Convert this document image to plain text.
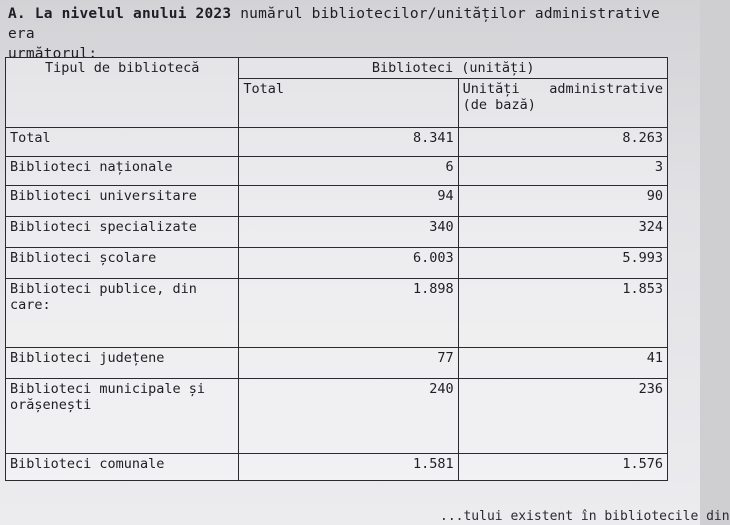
A. La nivelul anului 2023 numărul bibliotecilor/unităților administrative era
următorul:
Tipul de bibliotecă	Biblioteci (unități)	
	Total	Unități administrative (de bază)
Total	8.341	8.263
Biblioteci naționale	6	3
Biblioteci universitare	94	90
Biblioteci specializate	340	324
Biblioteci școlare	6.003	5.993
Biblioteci publice, din care:	1.898	1.853
Biblioteci județene	77	41
Biblioteci municipale și orășenești	240	236
Biblioteci comunale	1.581	1.576
...tului existent în bibliotecile din
